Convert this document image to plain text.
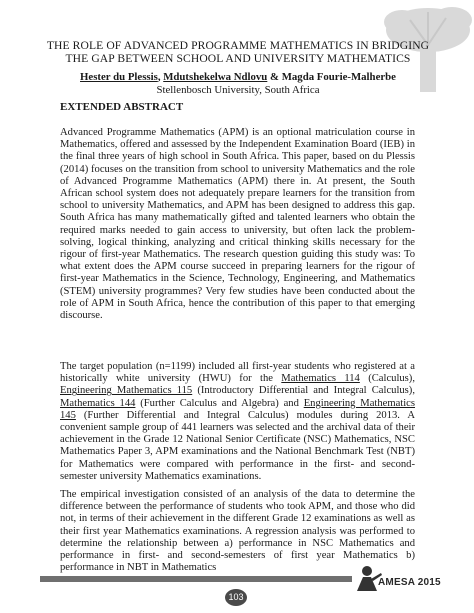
THE ROLE OF ADVANCED PROGRAMME MATHEMATICS IN BRIDGING THE GAP BETWEEN SCHOOL AND UNIVERSITY MATHEMATICS
Hester du Plessis, Mdutshekelwa Ndlovu & Magda Fourie-Malherbe
Stellenbosch University, South Africa
EXTENDED ABSTRACT

Advanced Programme Mathematics (APM) is an optional matriculation course in Mathematics, offered and assessed by the Independent Examination Board (IEB) in the final three years of high school in South Africa. This paper, based on du Plessis (2014) focuses on the transition from school to university Mathematics and the role of Advanced Programme Mathematics (APM) there in. At present, the South African school system does not adequately prepare learners for the transition from school to university Mathematics, and APM has been designed to address this gap. South Africa has many mathematically gifted and talented learners who obtain the required marks needed to gain access to university, but often lack the problem-solving, logical thinking, analyzing and critical thinking skills necessary for the rigour of first-year Mathematics. The research question guiding this study was: To what extent does the APM course succeed in preparing learners for the rigour of first-year Mathematics in the Science, Technology, Engineering, and Mathematics (STEM) university programmes? Very few studies have been conducted about the role of APM in South Africa, hence the contribution of this paper to that emerging discourse.

The target population (n=1199) included all first-year students who registered at a historically white university (HWU) for the Mathematics 114 (Calculus), Engineering Mathematics 115 (Introductory Differential and Integral Calculus), Mathematics 144 (Further Calculus and Algebra) and Engineering Mathematics 145 (Further Differential and Integral Calculus) modules during 2013. A convenient sample group of 441 learners was selected and the archival data of their achievement in the Grade 12 National Senior Certificate (NSC) Mathematics, NSC Mathematics Paper 3, APM examinations and the National Benchmark Test (NBT) for Mathematics were compared with performance in the first- and second-semester university Mathematics examinations.

The empirical investigation consisted of an analysis of the data to determine the difference between the performance of students who took APM, and those who did not, in terms of their achievement in the different Grade 12 examinations as well as their first year Mathematics examinations. A regression analysis was performed to determine the relationship between a) performance in NSC Mathematics and performance in first- and second-semesters of first year Mathematics b) performance in NBT in Mathematics

AMESA 2015
103
